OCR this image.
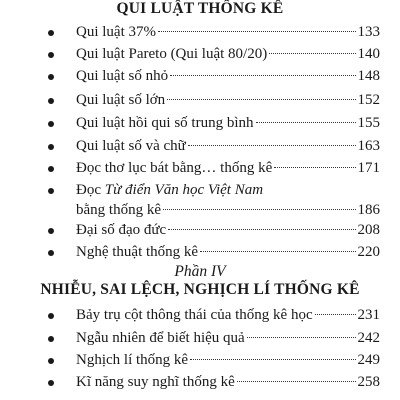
QUI LUẬT THỐNG KÊ
Qui luật 37%	133
Qui luật Pareto (Qui luật 80/20)	140
Qui luật số nhỏ	148
Qui luật số lớn	152
Qui luật hồi qui số trung bình	155
Qui luật số và chữ	163
Đọc thơ lục bát bằng… thống kê	171
Đọc Từ điển Văn học Việt Nam
bằng thống kê	186
Đại số đạo đức	208
Nghệ thuật thống kê	220
Phần IV
NHIỄU, SAI LỆCH, NGHỊCH LÍ THỐNG KÊ
Bảy trụ cột thông thái của thống kê học	231
Ngẫu nhiên để biết hiệu quả	242
Nghịch lí thống kê	249
Kĩ năng suy nghĩ thống kê	258
